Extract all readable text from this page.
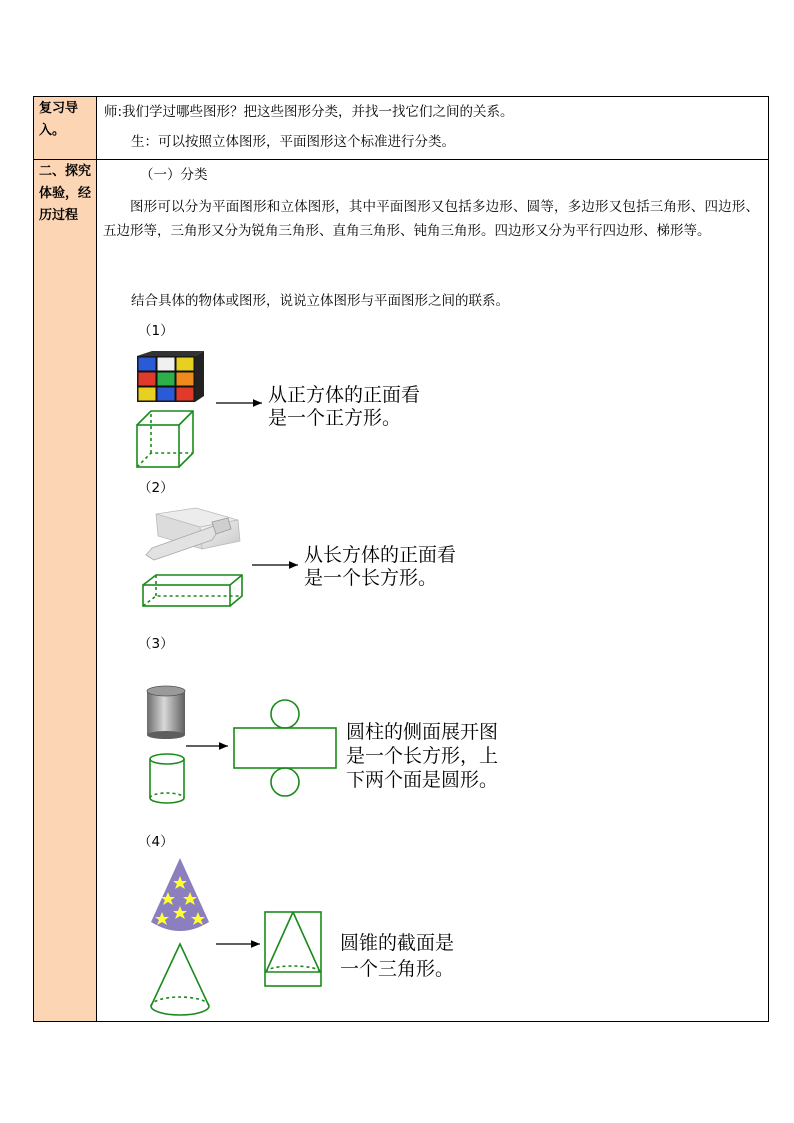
复习导入。
二、探究体验，经历过程
师:我们学过哪些图形？把这些图形分类，并找一找它们之间的关系。
生：可以按照立体图形，平面图形这个标准进行分类。
（一）分类
图形可以分为平面图形和立体图形，其中平面图形又包括多边形、圆等，多边形又包括三角形、四边形、五边形等，三角形又分为锐角三角形、直角三角形、钝角三角形。四边形又分为平行四边形、梯形等。
结合具体的物体或图形，说说立体图形与平面图形之间的联系。
（1）
（2）
（3）
（4）
从正方体的正面看
是一个正方形。
从长方体的正面看
是一个长方形。
圆柱的侧面展开图
是一个长方形，上
下两个面是圆形。
圆锥的截面是
一个三角形。
